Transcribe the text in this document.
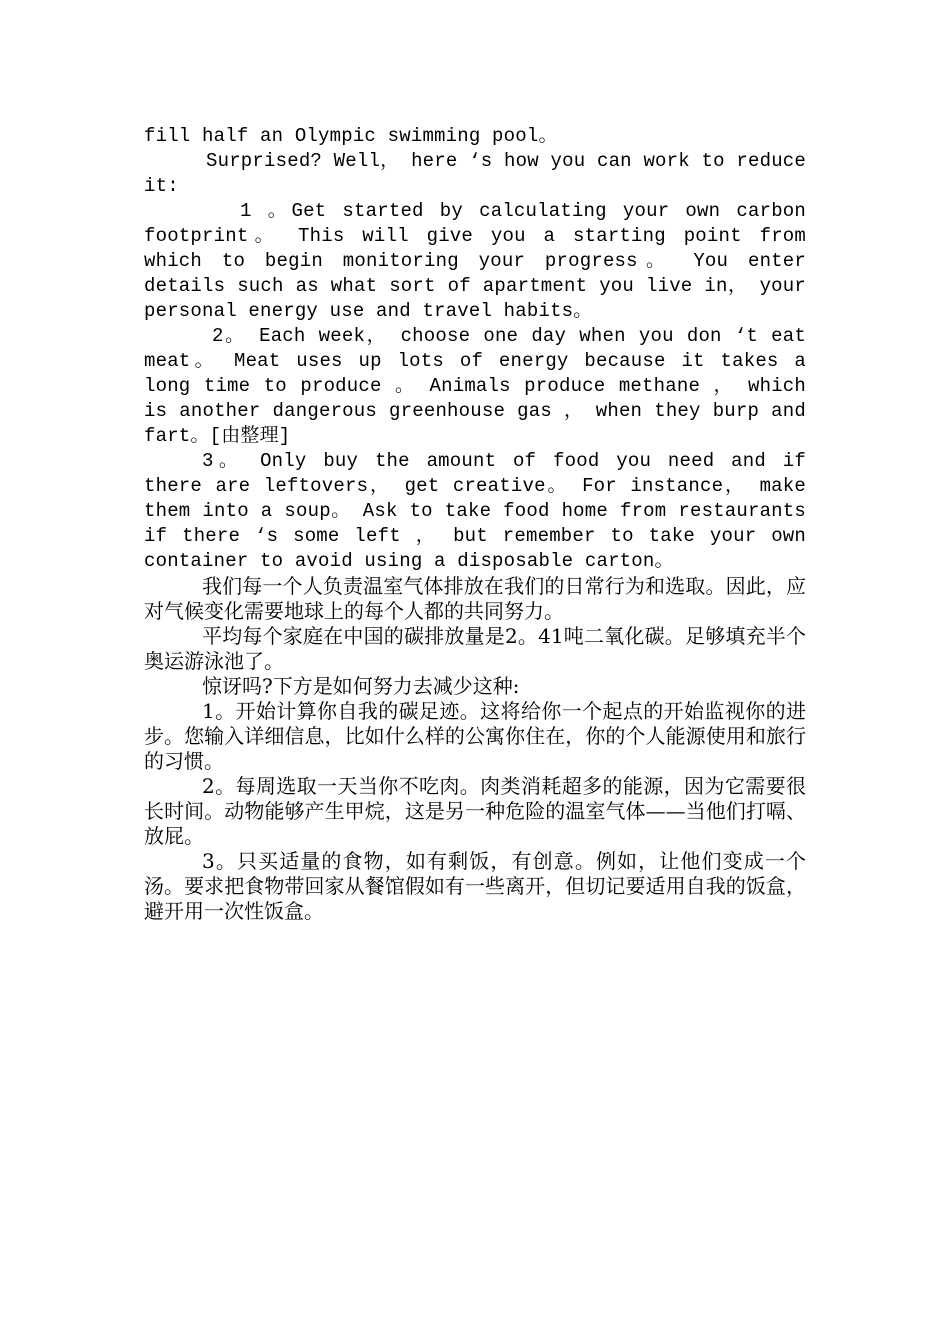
fill half an Olympic swimming pool。

Surprised? Well， here ‘s how you can work to reduce it:

1 。Get started by calculating your own carbon footprint。 This will give you a starting point from which to begin monitoring your progress。 You enter details such as what sort of apartment you live in， your personal energy use and travel habits。

2。 Each week， choose one day when you don ‘t eat meat。 Meat uses up lots of energy because it takes a long time to produce 。 Animals produce methane ， which is another dangerous greenhouse gas ， when they burp and fart。[由整理]

3。 Only buy the amount of food you need and if there are leftovers， get creative。 For instance， make them into a soup。 Ask to take food home from restaurants if there ‘s some left ， but remember to take your own container to avoid using a disposable carton。

我们每一个人负责温室气体排放在我们的日常行为和选取。因此，应对气候变化需要地球上的每个人都的共同努力。

平均每个家庭在中国的碳排放量是2。41吨二氧化碳。足够填充半个奥运游泳池了。

惊讶吗?下方是如何努力去减少这种:

1。开始计算你自我的碳足迹。这将给你一个起点的开始监视你的进步。您输入详细信息，比如什么样的公寓你住在，你的个人能源使用和旅行的习惯。

2。每周选取一天当你不吃肉。肉类消耗超多的能源，因为它需要很长时间。动物能够产生甲烷，这是另一种危险的温室气体——当他们打嗝、放屁。

3。只买适量的食物，如有剩饭，有创意。例如，让他们变成一个汤。要求把食物带回家从餐馆假如有一些离开，但切记要适用自我的饭盒，避开用一次性饭盒。
